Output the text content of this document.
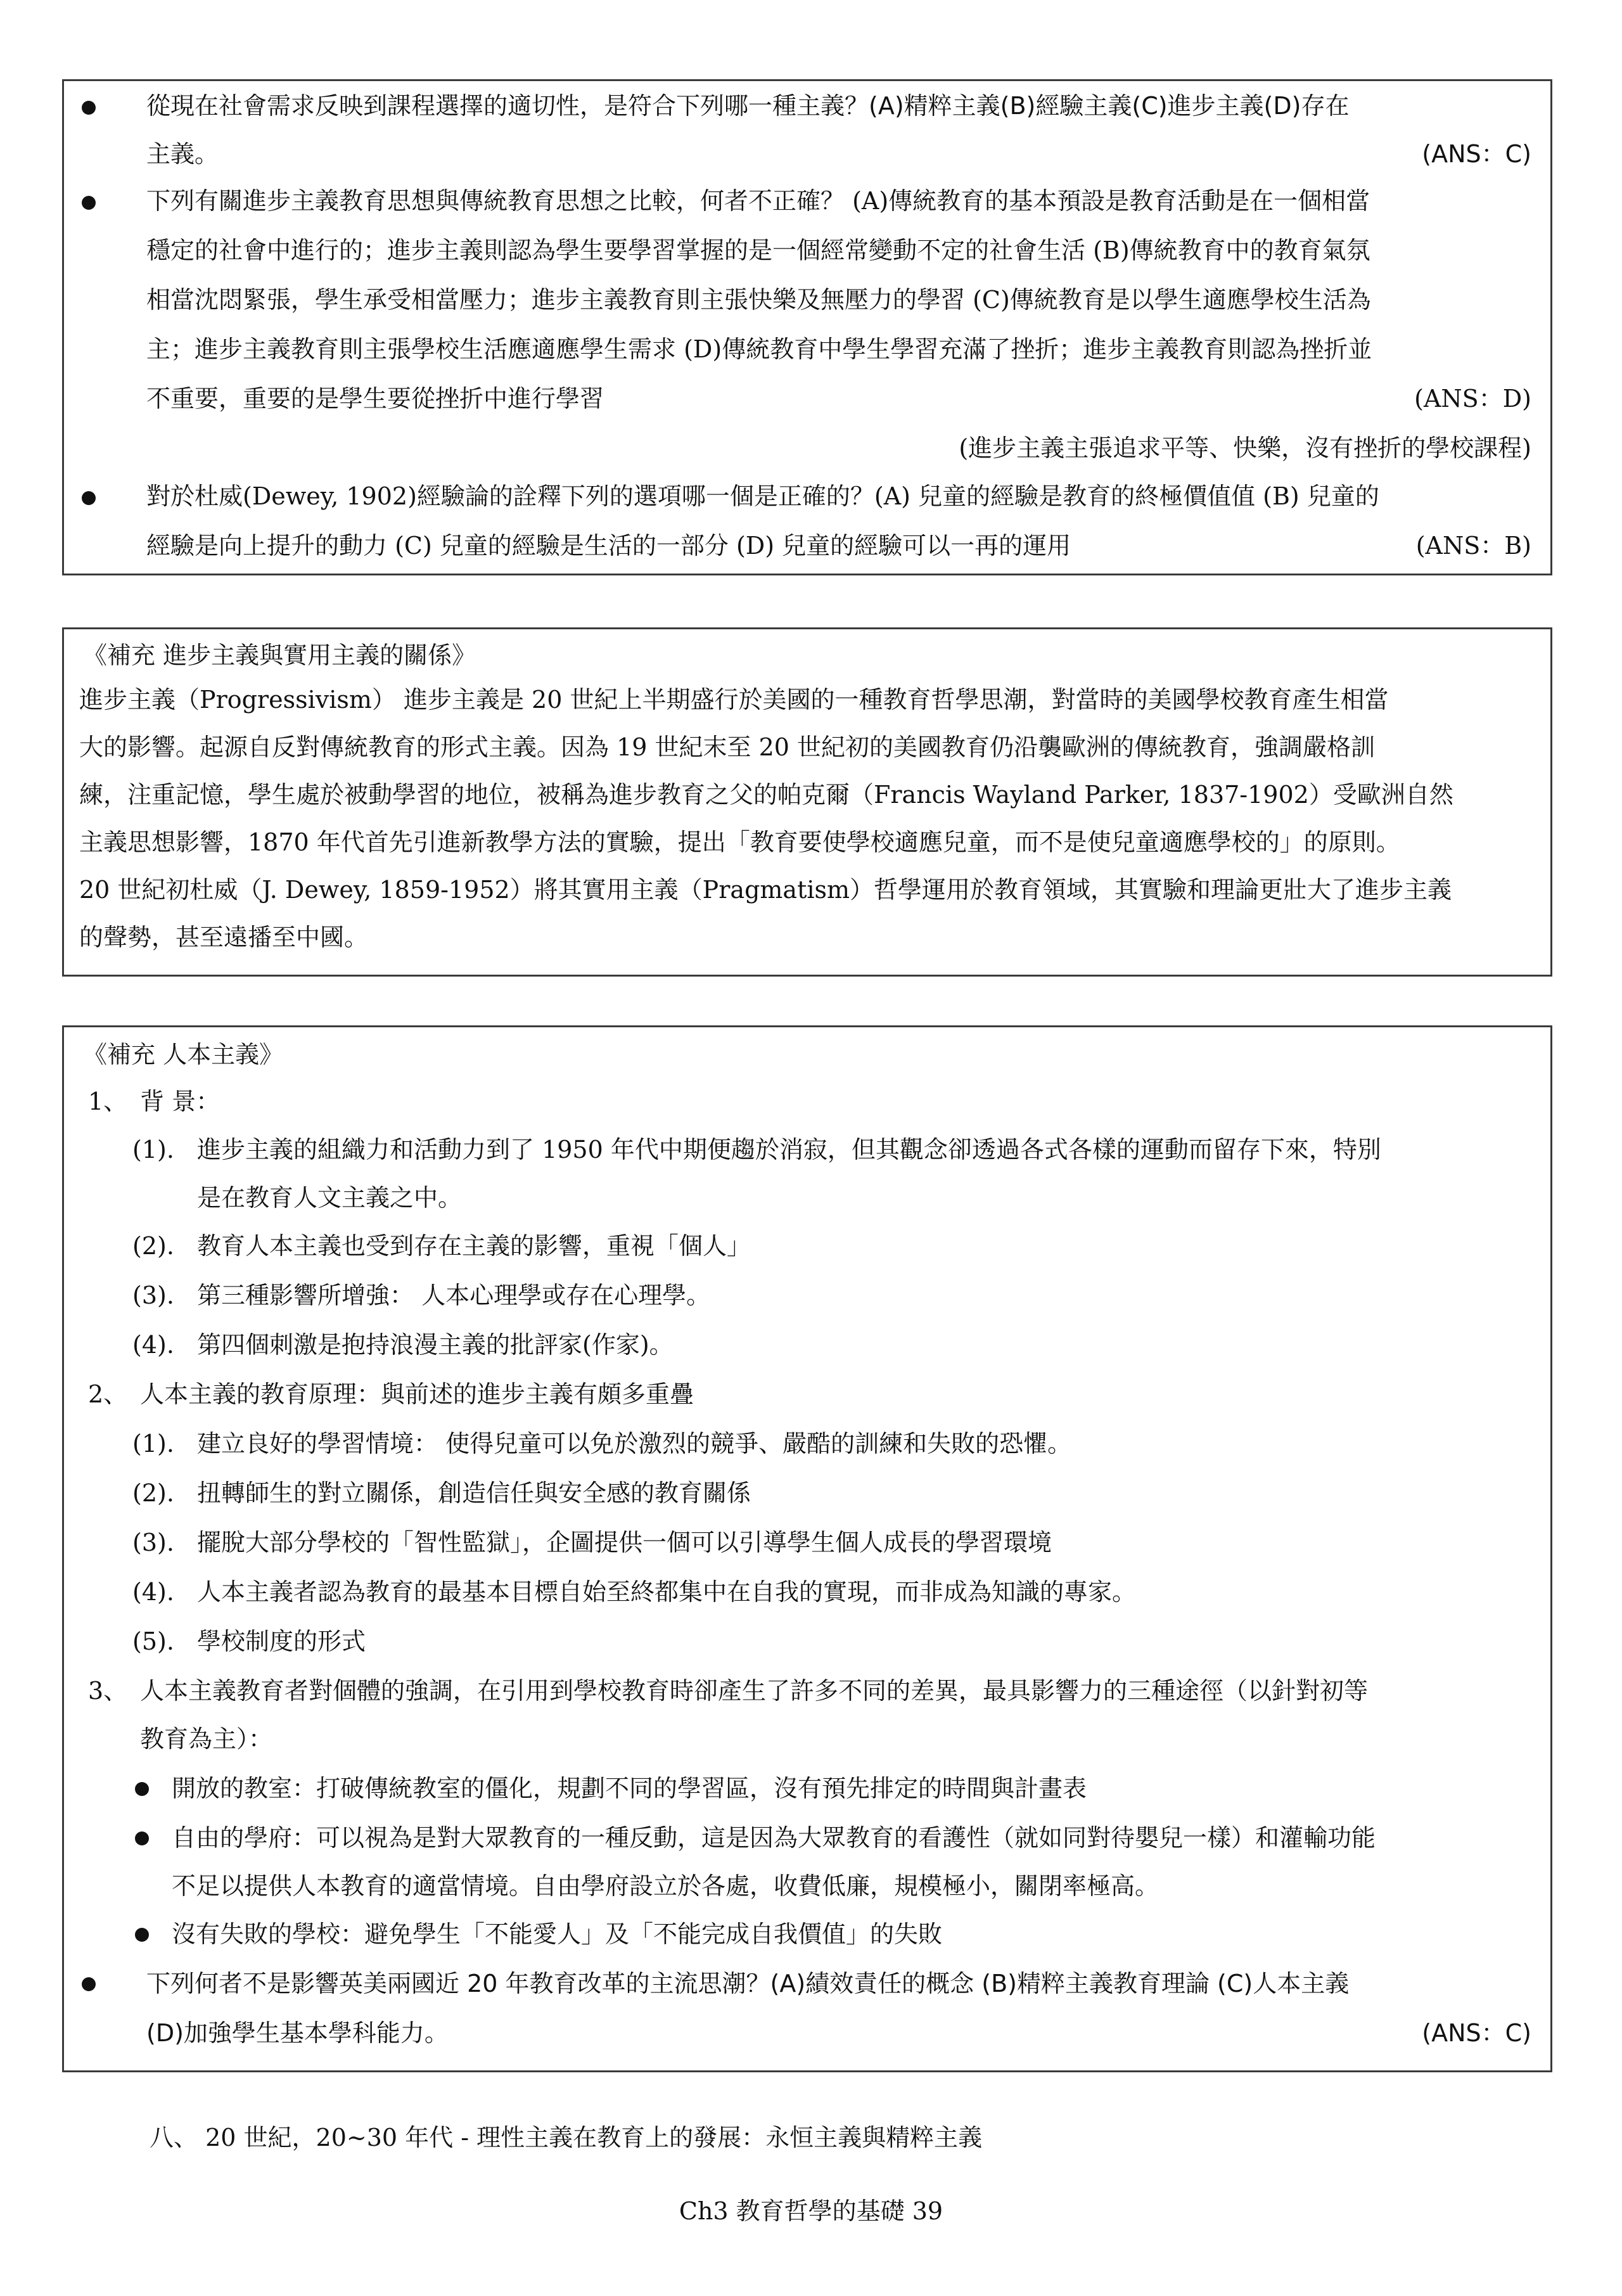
從現在社會需求反映到課程選擇的適切性，是符合下列哪一種主義？(A)精粹主義(B)經驗主義(C)進步主義(D)存在
主義。	(ANS：C)
下列有關進步主義教育思想與傳統教育思想之比較，何者不正確？ (A)傳統教育的基本預設是教育活動是在一個相當
穩定的社會中進行的；進步主義則認為學生要學習掌握的是一個經常變動不定的社會生活 (B)傳統教育中的教育氣氛
相當沈悶緊張，學生承受相當壓力；進步主義教育則主張快樂及無壓力的學習 (C)傳統教育是以學生適應學校生活為
主；進步主義教育則主張學校生活應適應學生需求 (D)傳統教育中學生學習充滿了挫折；進步主義教育則認為挫折並
不重要，重要的是學生要從挫折中進行學習	(ANS：D)
(進步主義主張追求平等、快樂，沒有挫折的學校課程)
對於杜威(Dewey, 1902)經驗論的詮釋下列的選項哪一個是正確的？(A) 兒童的經驗是教育的終極價值值 (B) 兒童的
經驗是向上提升的動力 (C) 兒童的經驗是生活的一部分 (D) 兒童的經驗可以一再的運用	(ANS：B)
《補充 進步主義與實用主義的關係》
進步主義（Progressivism） 進步主義是 20 世紀上半期盛行於美國的一種教育哲學思潮，對當時的美國學校教育產生相當
大的影響。起源自反對傳統教育的形式主義。因為 19 世紀末至 20 世紀初的美國教育仍沿襲歐洲的傳統教育，強調嚴格訓
練，注重記憶，學生處於被動學習的地位，被稱為進步教育之父的帕克爾（Francis Wayland Parker, 1837-1902）受歐洲自然
主義思想影響，1870 年代首先引進新教學方法的實驗，提出「教育要使學校適應兒童，而不是使兒童適應學校的」的原則。
20 世紀初杜威（J. Dewey, 1859-1952）將其實用主義（Pragmatism）哲學運用於教育領域，其實驗和理論更壯大了進步主義
的聲勢，甚至遠播至中國。
《補充 人本主義》
1、 背 景：
(1). 進步主義的組織力和活動力到了 1950 年代中期便趨於消寂，但其觀念卻透過各式各樣的運動而留存下來，特別
是在教育人文主義之中。
(2). 教育人本主義也受到存在主義的影響，重視「個人」
(3). 第三種影響所增強： 人本心理學或存在心理學。
(4). 第四個刺激是抱持浪漫主義的批評家(作家)。
2、 人本主義的教育原理：與前述的進步主義有頗多重疊
(1). 建立良好的學習情境： 使得兒童可以免於激烈的競爭、嚴酷的訓練和失敗的恐懼。
(2). 扭轉師生的對立關係，創造信任與安全感的教育關係
(3). 擺脫大部分學校的「智性監獄」，企圖提供一個可以引導學生個人成長的學習環境
(4). 人本主義者認為教育的最基本目標自始至終都集中在自我的實現，而非成為知識的專家。
(5). 學校制度的形式
3、 人本主義教育者對個體的強調，在引用到學校教育時卻產生了許多不同的差異，最具影響力的三種途徑（以針對初等
教育為主）：
開放的教室：打破傳統教室的僵化，規劃不同的學習區，沒有預先排定的時間與計畫表
自由的學府：可以視為是對大眾教育的一種反動，這是因為大眾教育的看護性（就如同對待嬰兒一樣）和灌輸功能
不足以提供人本教育的適當情境。自由學府設立於各處，收費低廉，規模極小，關閉率極高。
沒有失敗的學校：避免學生「不能愛人」及「不能完成自我價值」的失敗
下列何者不是影響英美兩國近 20 年教育改革的主流思潮？(A)績效責任的概念 (B)精粹主義教育理論 (C)人本主義
(D)加強學生基本學科能力。	(ANS：C)
八、 20 世紀，20~30 年代 - 理性主義在教育上的發展：永恒主義與精粹主義
Ch3 教育哲學的基礎 39
